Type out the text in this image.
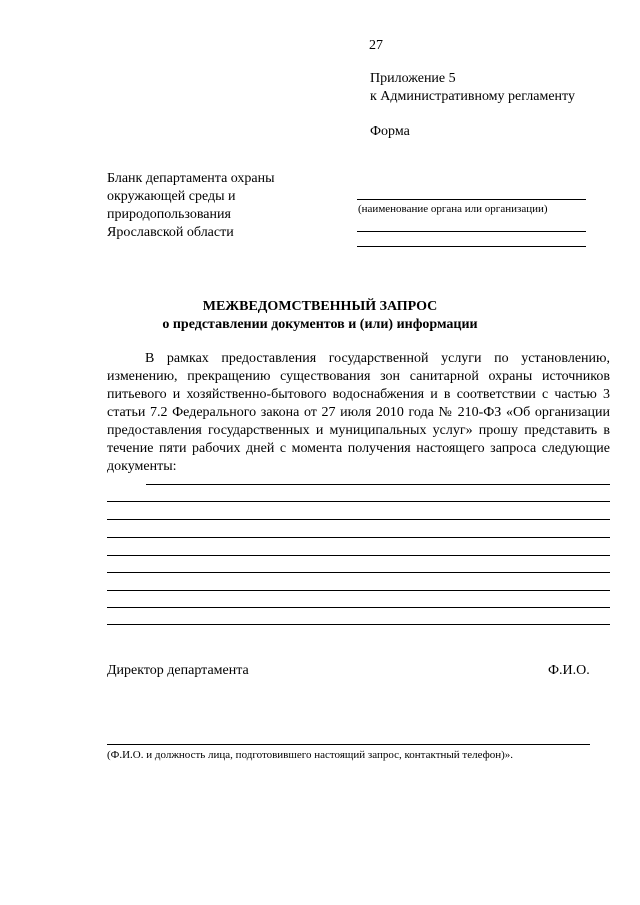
27
Приложение 5
к Административному регламенту
Форма
Бланк департамента охраны
окружающей среды и
природопользования
Ярославской области
(наименование органа или организации)
МЕЖВЕДОМСТВЕННЫЙ ЗАПРОС
о представлении документов и (или) информации

В рамках предоставления государственной услуги по установлению, изменению, прекращению существования зон санитарной охраны источников питьевого и хозяйственно-бытового водоснабжения и в соответствии с частью 3 статьи 7.2 Федерального закона от 27 июля 2010 года № 210-ФЗ «Об организации предоставления государственных и муниципальных услуг» прошу представить в течение пяти рабочих дней с момента получения настоящего запроса следующие документы:

Директор департамента	Ф.И.О.
(Ф.И.О. и должность лица, подготовившего настоящий запрос, контактный телефон)».
